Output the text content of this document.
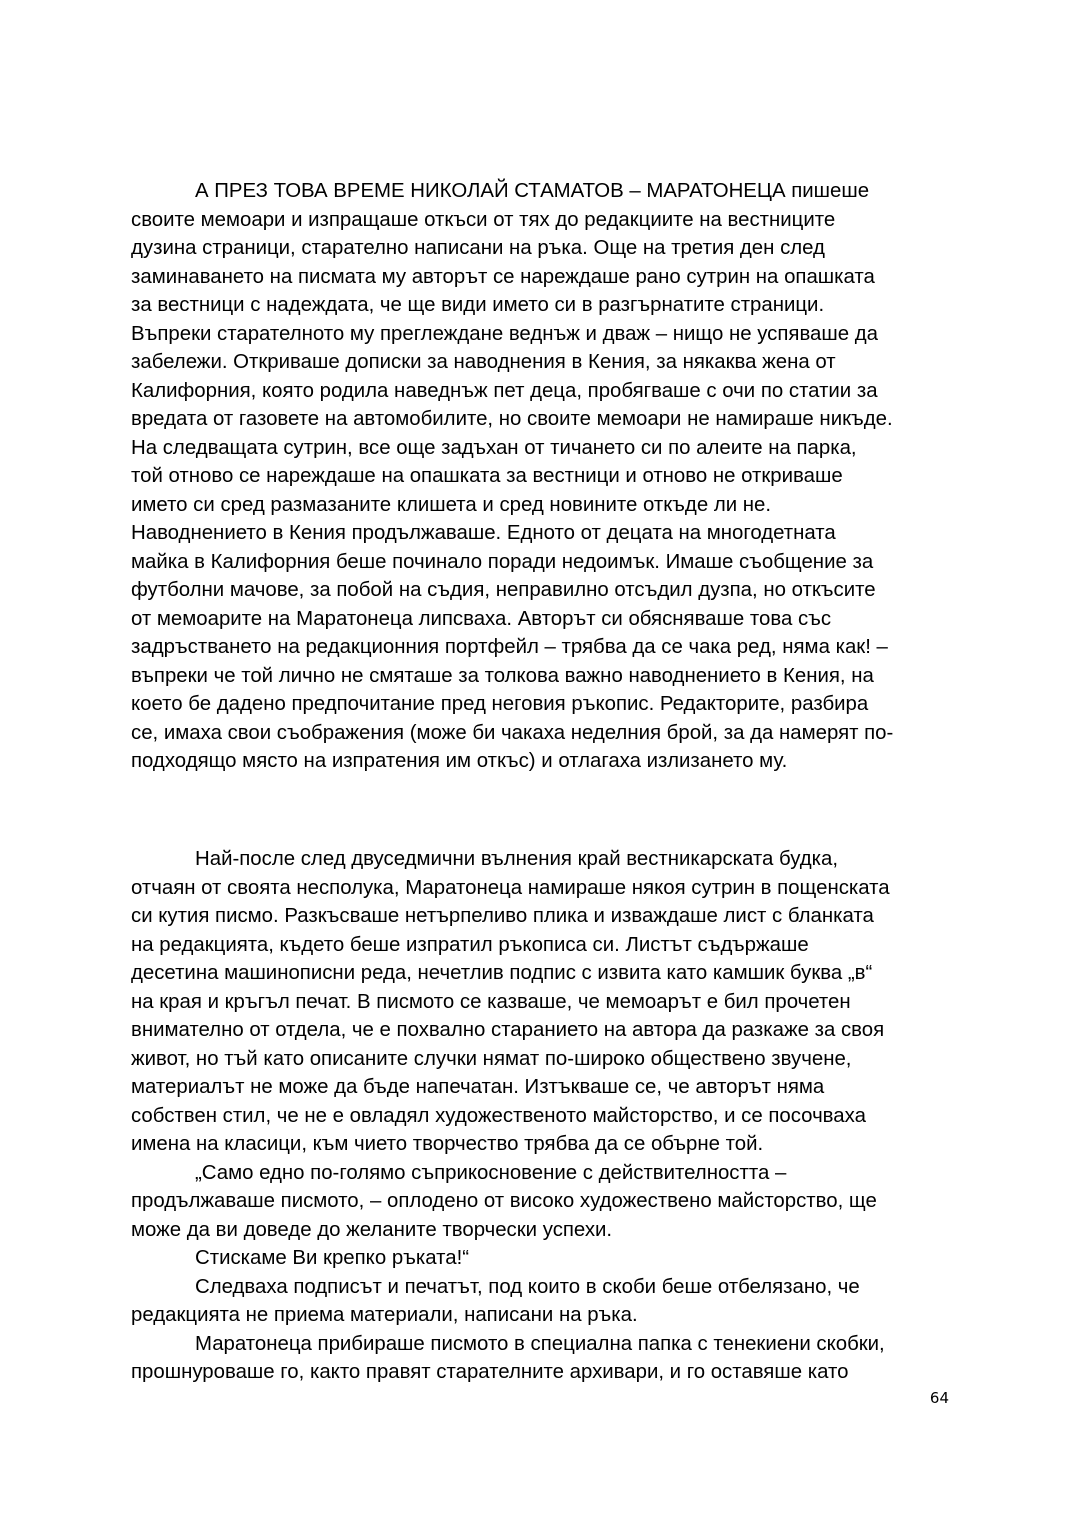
А ПРЕЗ ТОВА ВРЕМЕ НИКОЛАЙ СТАМАТОВ – МАРАТОНЕЦА пишеше
своите мемоари и изпращаше откъси от тях до редакциите на вестниците
дузина страници, старателно написани на ръка. Още на третия ден след
заминаването на писмата му авторът се нареждаше рано сутрин на опашката
за вестници с надеждата, че ще види името си в разгърнатите страници.
Въпреки старателното му преглеждане веднъж и дваж – нищо не успяваше да
забележи. Откриваше дописки за наводнения в Кения, за някаква жена от
Калифорния, която родила наведнъж пет деца, пробягваше с очи по статии за
вредата от газовете на автомобилите, но своите мемоари не намираше никъде.
На следващата сутрин, все още задъхан от тичането си по алеите на парка,
той отново се нареждаше на опашката за вестници и отново не откриваше
името си сред размазаните клишета и сред новините откъде ли не.
Наводнението в Кения продължаваше. Едното от децата на многодетната
майка в Калифорния беше починало поради недоимък. Имаше съобщение за
футболни мачове, за побой на съдия, неправилно отсъдил дузпа, но откъсите
от мемоарите на Маратонеца липсваха. Авторът си обясняваше това със
задръстването на редакционния портфейл – трябва да се чака ред, няма как! –
въпреки че той лично не смяташе за толкова важно наводнението в Кения, на
което бе дадено предпочитание пред неговия ръкопис. Редакторите, разбира
се, имаха свои съображения (може би чакаха неделния брой, за да намерят по-
подходящо място на изпратения им откъс) и отлагаха излизането му.
Най-после след двуседмични вълнения край вестникарската будка,
отчаян от своята несполука, Маратонеца намираше някоя сутрин в пощенската
си кутия писмо. Разкъсваше нетърпеливо плика и изваждаше лист с бланката
на редакцията, където беше изпратил ръкописа си. Листът съдържаше
десетина машинописни реда, нечетлив подпис с извита като камшик буква „в“
на края и кръгъл печат. В писмото се казваше, че мемоарът е бил прочетен
внимателно от отдела, че е похвално старанието на автора да разкаже за своя
живот, но тъй като описаните случки нямат по-широко обществено звучене,
материалът не може да бъде напечатан. Изтъкваше се, че авторът няма
собствен стил, че не е овладял художественото майсторство, и се посочваха
имена на класици, към чието творчество трябва да се обърне той.
„Само едно по-голямо съприкосновение с действителността –
продължаваше писмото, – оплодено от високо художествено майсторство, ще
може да ви доведе до желаните творчески успехи.
Стискаме Ви крепко ръката!“
Следваха подписът и печатът, под които в скоби беше отбелязано, че
редакцията не приема материали, написани на ръка.
Маратонеца прибираше писмото в специална папка с тенекиени скобки,
прошнуроваше го, както правят старателните архивари, и го оставяше като
64
